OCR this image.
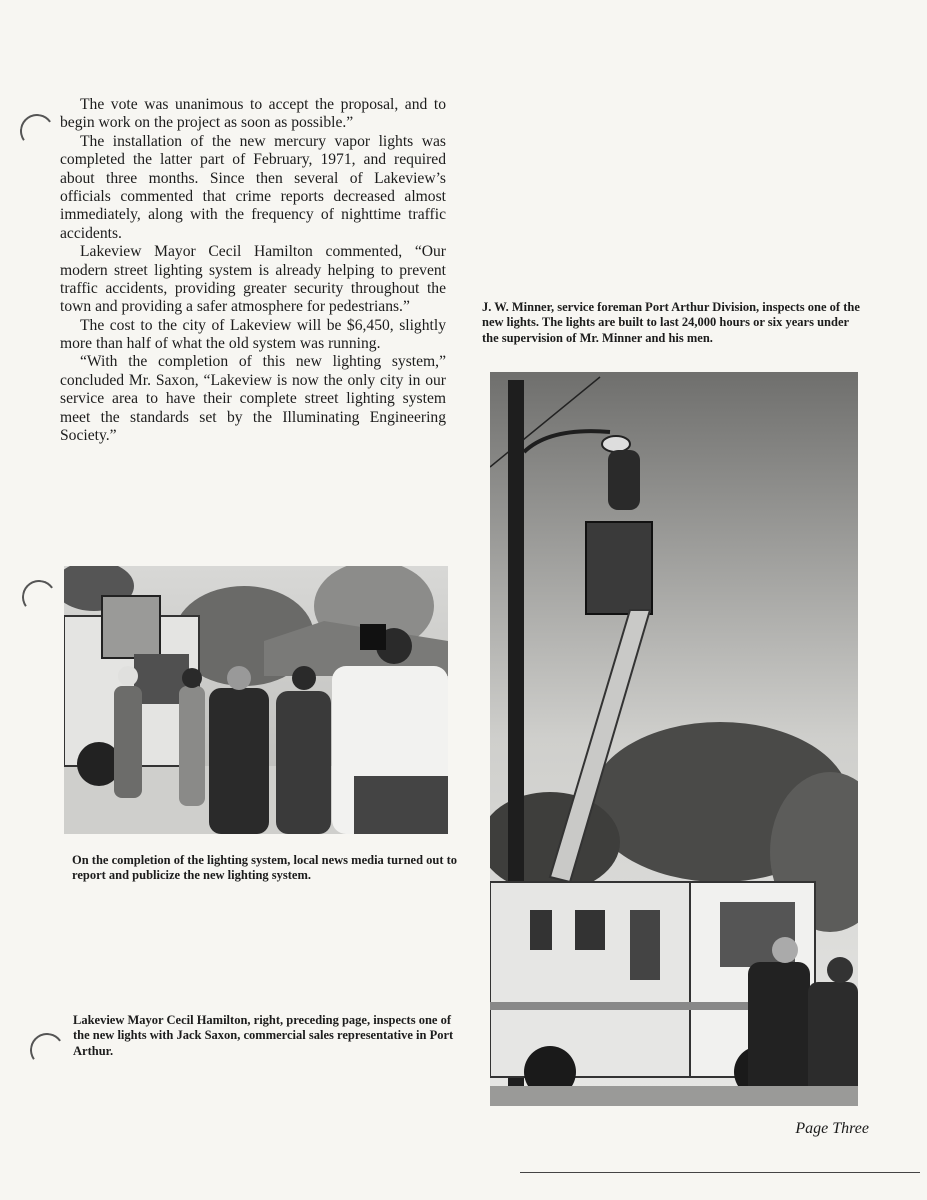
The vote was unanimous to accept the proposal, and to begin work on the project as soon as possible.”

The installation of the new mercury vapor lights was completed the latter part of February, 1971, and required about three months. Since then several of Lakeview’s officials commented that crime reports decreased almost immediately, along with the frequency of nighttime traffic accidents.

Lakeview Mayor Cecil Hamilton commented, “Our modern street lighting system is already helping to prevent traffic accidents, providing greater security throughout the town and providing a safer atmosphere for pedestrians.”

The cost to the city of Lakeview will be $6,450, slightly more than half of what the old system was running.

“With the completion of this new lighting system,” concluded Mr. Saxon, “Lakeview is now the only city in our service area to have their complete street lighting system meet the standards set by the Illuminating Engineering Society.”

J. W. Minner, service foreman Port Arthur Division, inspects one of the new lights. The lights are built to last 24,000 hours or six years under the supervision of Mr. Minner and his men.
On the completion of the lighting system, local news media turned out to report and publicize the new lighting system.
Lakeview Mayor Cecil Hamilton, right, preceding page, inspects one of the new lights with Jack Saxon, commercial sales representative in Port Arthur.
Page Three
